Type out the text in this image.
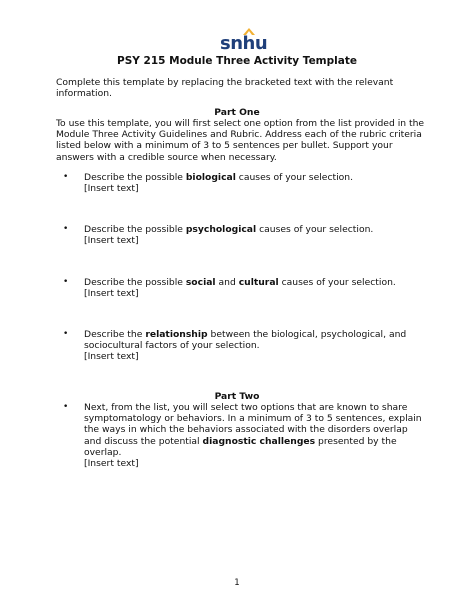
snhu
PSY 215 Module Three Activity Template
Complete this template by replacing the bracketed text with the relevant information.
Part One
To use this template, you will first select one option from the list provided in the Module Three Activity Guidelines and Rubric. Address each of the rubric criteria listed below with a minimum of 3 to 5 sentences per bullet. Support your answers with a credible source when necessary.
• Describe the possible biological causes of your selection.
[Insert text]
• Describe the possible psychological causes of your selection.
[Insert text]
• Describe the possible social and cultural causes of your selection.
[Insert text]
• Describe the relationship between the biological, psychological, and sociocultural factors of your selection.
[Insert text]
Part Two
• Next, from the list, you will select two options that are known to share symptomatology or behaviors. In a minimum of 3 to 5 sentences, explain the ways in which the behaviors associated with the disorders overlap and discuss the potential diagnostic challenges presented by the overlap.
[Insert text]
1
